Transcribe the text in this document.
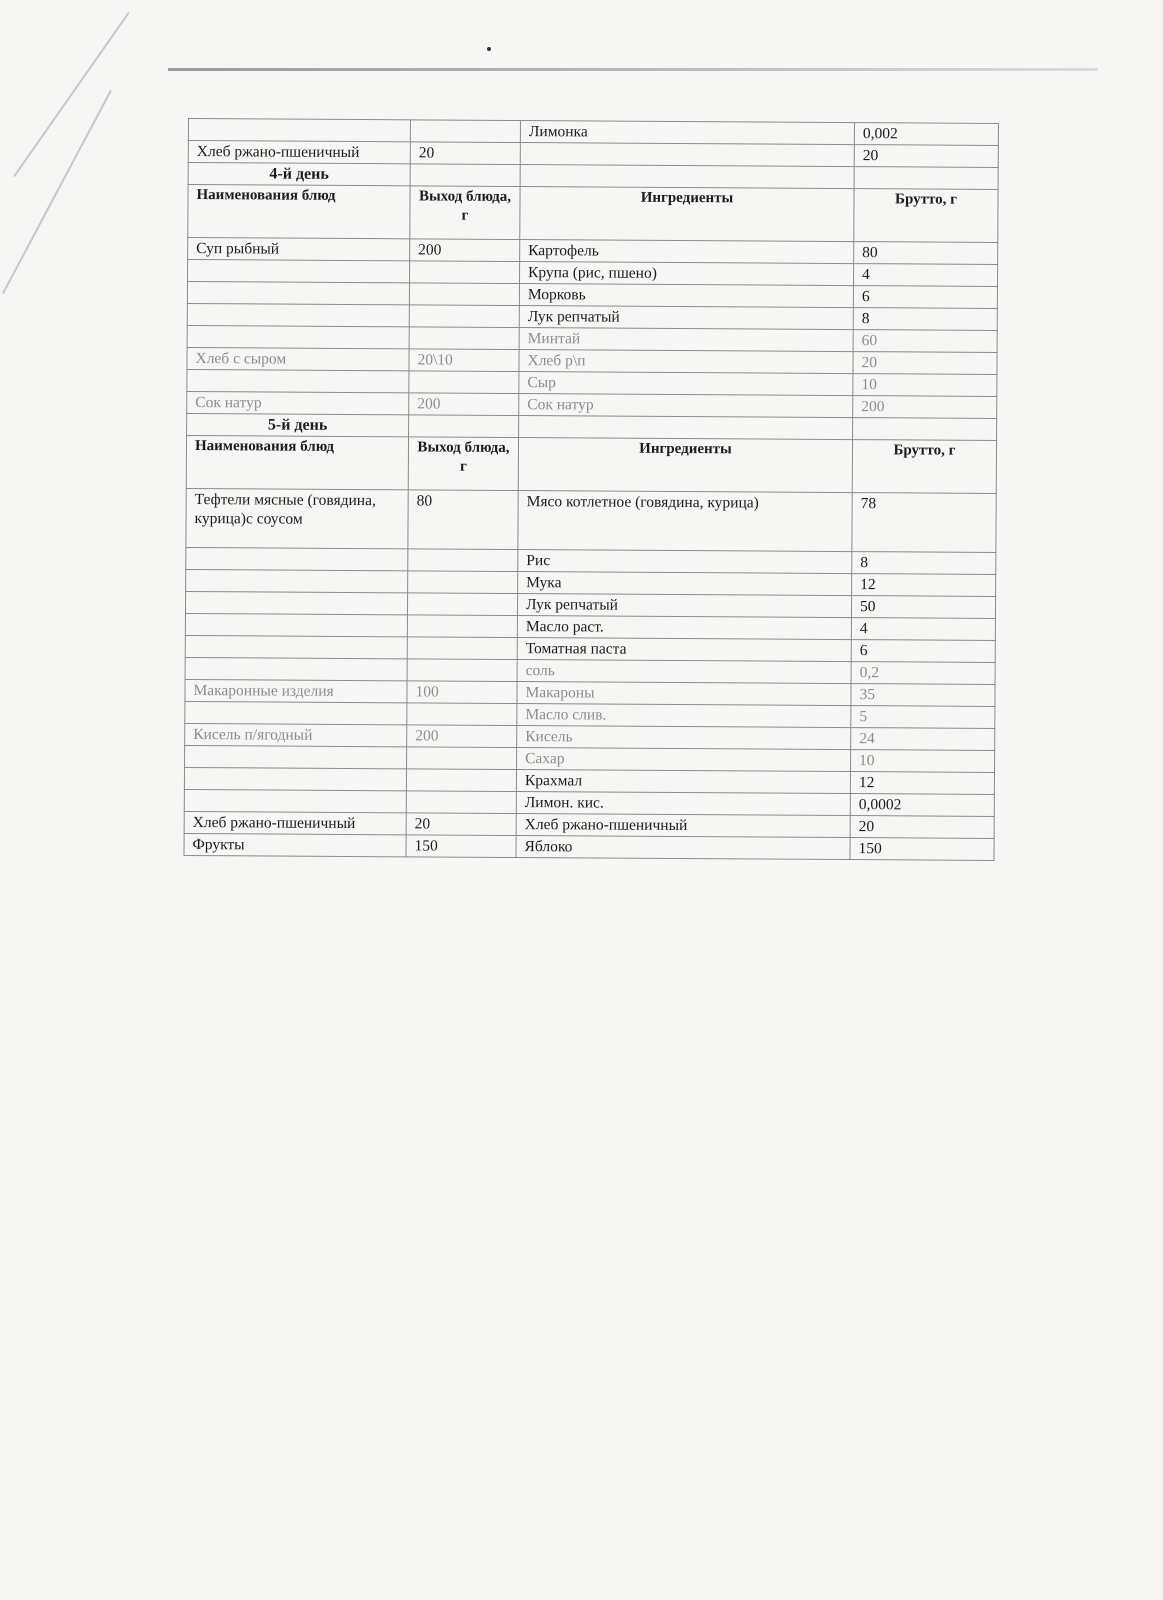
		Лимонка	0,002
Хлеб ржано-пшеничный	20		20
4-й день			
Наименования блюд	Выход блюда, г	Ингредиенты	Брутто, г
Суп рыбный	200	Картофель	80
		Крупа (рис, пшено)	4
		Морковь	6
		Лук репчатый	8
		Минтай	60
Хлеб с сыром	20\10	Хлеб р\п	20
		Сыр	10
Сок натур	200	Сок натур	200
5-й день			
Наименования блюд	Выход блюда, г	Ингредиенты	Брутто, г
Тефтели мясные (говядина, курица)с соусом	80	Мясо котлетное (говядина, курица)	78
		Рис	8
		Мука	12
		Лук репчатый	50
		Масло раст.	4
		Томатная паста	6
		соль	0,2
Макаронные изделия	100	Макароны	35
		Масло слив.	5
Кисель п/ягодный	200	Кисель	24
		Сахар	10
		Крахмал	12
		Лимон. кис.	0,0002
Хлеб ржано-пшеничный	20	Хлеб ржано-пшеничный	20
Фрукты	150	Яблоко	150
